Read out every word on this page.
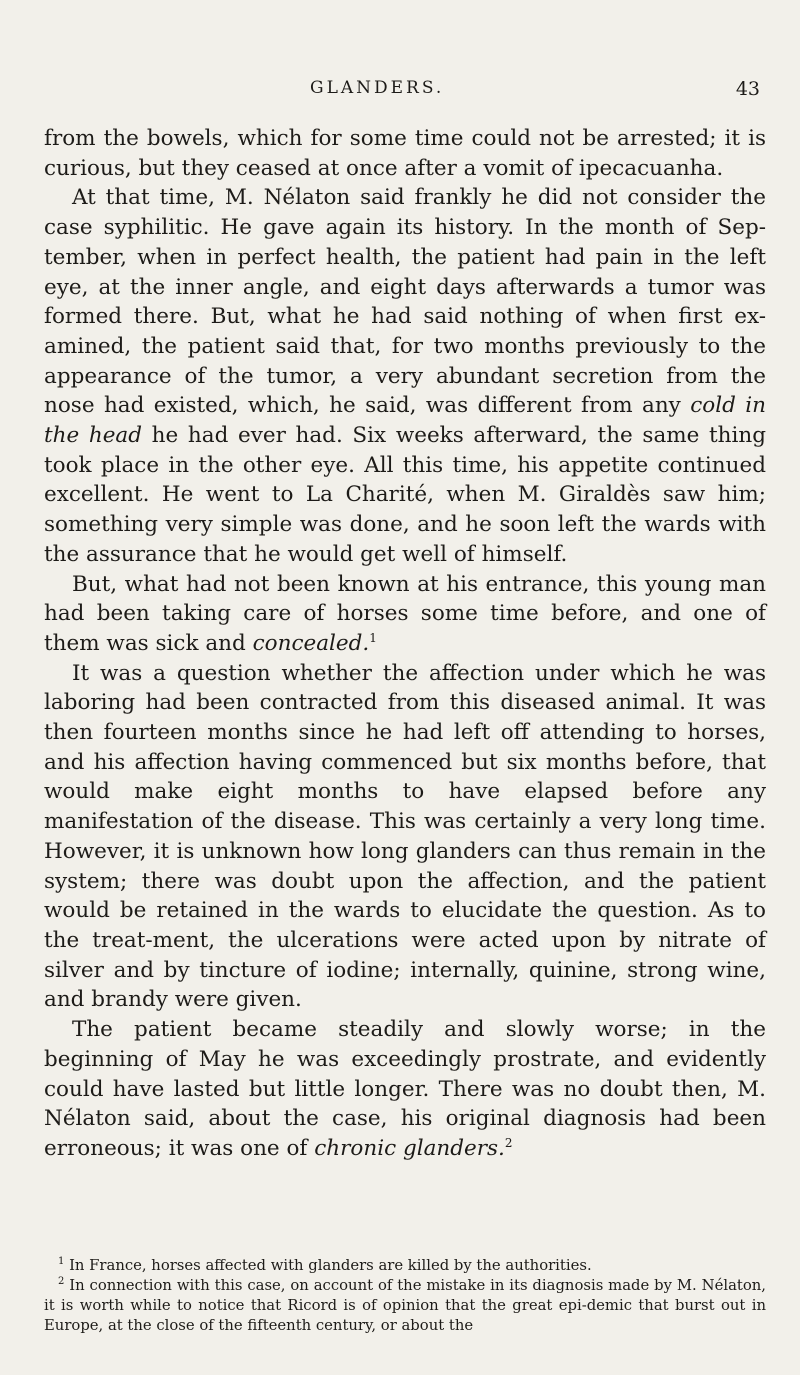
GLANDERS.	43

from the bowels, which for some time could not be arrested; it is curious, but they ceased at once after a vomit of ipecacuanha.

At that time, M. Nélaton said frankly he did not consider the case syphilitic. He gave again its history. In the month of Sep-tember, when in perfect health, the patient had pain in the left eye, at the inner angle, and eight days afterwards a tumor was formed there. But, what he had said nothing of when first ex-amined, the patient said that, for two months previously to the appearance of the tumor, a very abundant secretion from the nose had existed, which, he said, was different from any cold in the head he had ever had. Six weeks afterward, the same thing took place in the other eye. All this time, his appetite continued excellent. He went to La Charité, when M. Giraldès saw him; something very simple was done, and he soon left the wards with the assurance that he would get well of himself.

But, what had not been known at his entrance, this young man had been taking care of horses some time before, and one of them was sick and concealed.$^1$

It was a question whether the affection under which he was laboring had been contracted from this diseased animal. It was then fourteen months since he had left off attending to horses, and his affection having commenced but six months before, that would make eight months to have elapsed before any manifestation of the disease. This was certainly a very long time. However, it is unknown how long glanders can thus remain in the system; there was doubt upon the affection, and the patient would be retained in the wards to elucidate the question. As to the treat-ment, the ulcerations were acted upon by nitrate of silver and by tincture of iodine; internally, quinine, strong wine, and brandy were given.

The patient became steadily and slowly worse; in the beginning of May he was exceedingly prostrate, and evidently could have lasted but little longer. There was no doubt then, M. Nélaton said, about the case, his original diagnosis had been erroneous; it was one of chronic glanders.$^2$

$^1$ In France, horses affected with glanders are killed by the authorities.

$^2$ In connection with this case, on account of the mistake in its diagnosis made by M. Nélaton, it is worth while to notice that Ricord is of opinion that the great epi-demic that burst out in Europe, at the close of the fifteenth century, or about the
